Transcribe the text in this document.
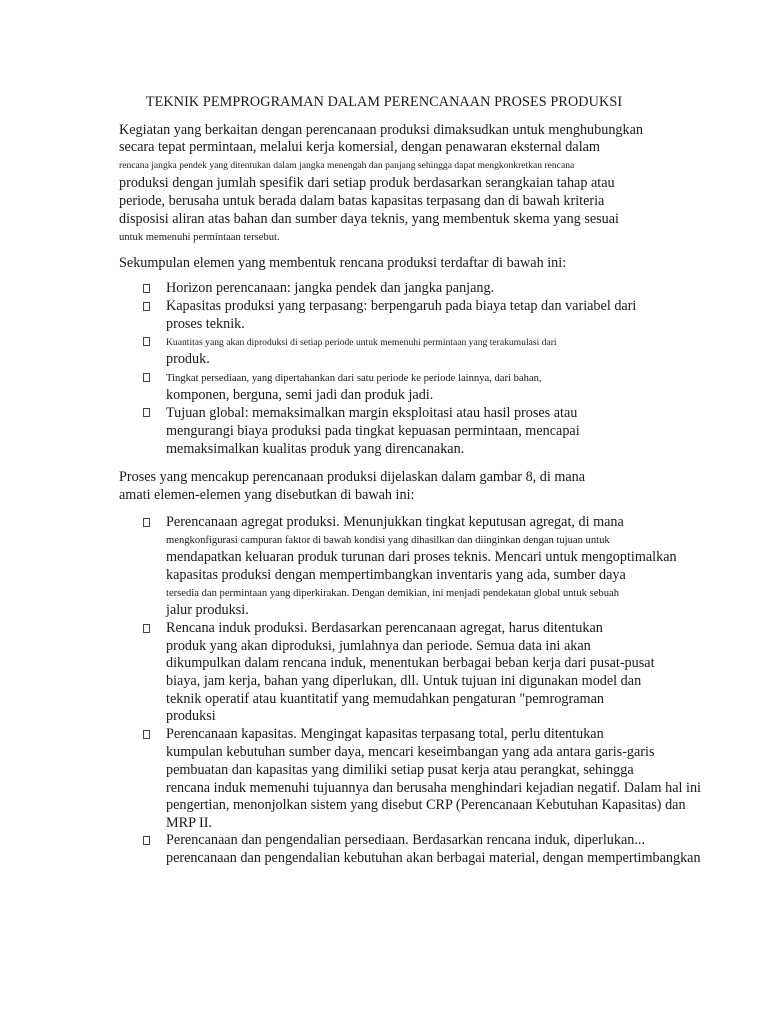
TEKNIK PEMPROGRAMAN DALAM PERENCANAAN PROSES PRODUKSI
Kegiatan yang berkaitan dengan perencanaan produksi dimaksudkan untuk menghubungkan
secara tepat permintaan, melalui kerja komersial, dengan penawaran eksternal dalam
rencana jangka pendek yang ditentukan dalam jangka menengah dan panjang sehingga dapat mengkonkretkan rencana
produksi dengan jumlah spesifik dari setiap produk berdasarkan serangkaian tahap atau
periode, berusaha untuk berada dalam batas kapasitas terpasang dan di bawah kriteria
disposisi aliran atas bahan dan sumber daya teknis, yang membentuk skema yang sesuai
untuk memenuhi permintaan tersebut.
Sekumpulan elemen yang membentuk rencana produksi terdaftar di bawah ini:
Horizon perencanaan: jangka pendek dan jangka panjang.
Kapasitas produksi yang terpasang: berpengaruh pada biaya tetap dan variabel dari
proses teknik.
Kuantitas yang akan diproduksi di setiap periode untuk memenuhi permintaan yang terakumulasi dari
produk.
Tingkat persediaan, yang dipertahankan dari satu periode ke periode lainnya, dari bahan,
komponen, berguna, semi jadi dan produk jadi.
Tujuan global: memaksimalkan margin eksploitasi atau hasil proses atau
mengurangi biaya produksi pada tingkat kepuasan permintaan, mencapai
memaksimalkan kualitas produk yang direncanakan.
Proses yang mencakup perencanaan produksi dijelaskan dalam gambar 8, di mana
amati elemen-elemen yang disebutkan di bawah ini:
Perencanaan agregat produksi. Menunjukkan tingkat keputusan agregat, di mana
mengkonfigurasi campuran faktor di bawah kondisi yang dihasilkan dan diinginkan dengan tujuan untuk
mendapatkan keluaran produk turunan dari proses teknis. Mencari untuk mengoptimalkan
kapasitas produksi dengan mempertimbangkan inventaris yang ada, sumber daya
tersedia dan permintaan yang diperkirakan. Dengan demikian, ini menjadi pendekatan global untuk sebuah
jalur produksi.
Rencana induk produksi. Berdasarkan perencanaan agregat, harus ditentukan
produk yang akan diproduksi, jumlahnya dan periode. Semua data ini akan
dikumpulkan dalam rencana induk, menentukan berbagai beban kerja dari pusat-pusat
biaya, jam kerja, bahan yang diperlukan, dll. Untuk tujuan ini digunakan model dan
teknik operatif atau kuantitatif yang memudahkan pengaturan "pemrograman
produksi
Perencanaan kapasitas. Mengingat kapasitas terpasang total, perlu ditentukan
kumpulan kebutuhan sumber daya, mencari keseimbangan yang ada antara garis-garis
pembuatan dan kapasitas yang dimiliki setiap pusat kerja atau perangkat, sehingga
rencana induk memenuhi tujuannya dan berusaha menghindari kejadian negatif. Dalam hal ini
pengertian, menonjolkan sistem yang disebut CRP (Perencanaan Kebutuhan Kapasitas) dan
MRP II.
Perencanaan dan pengendalian persediaan. Berdasarkan rencana induk, diperlukan...
perencanaan dan pengendalian kebutuhan akan berbagai material, dengan mempertimbangkan
